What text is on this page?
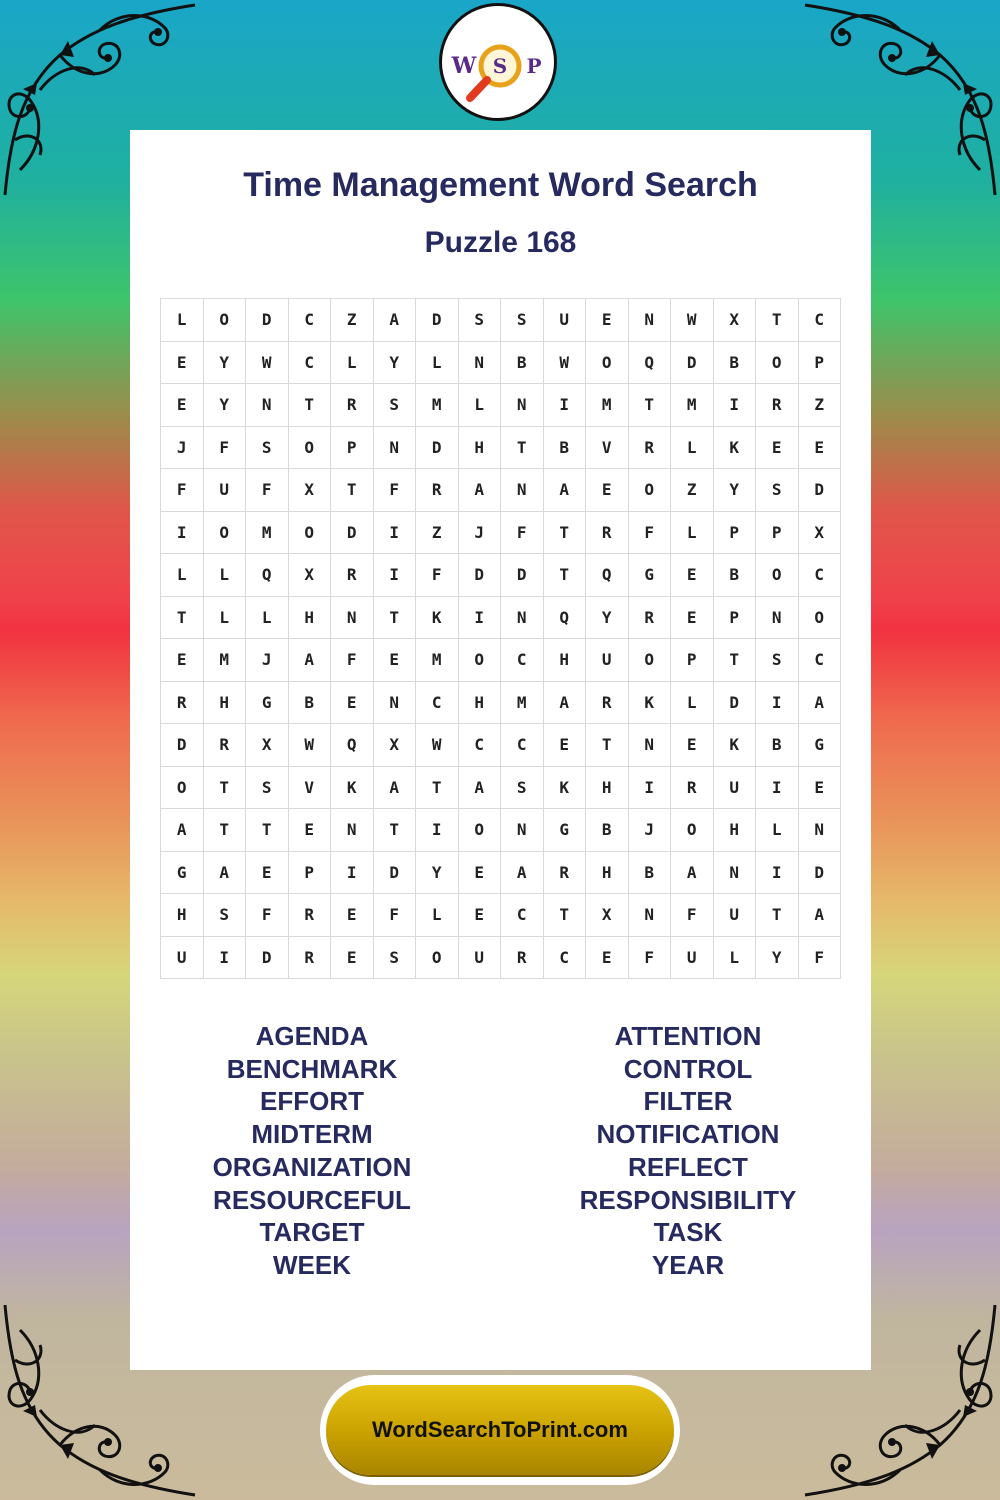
W S P
Time Management Word Search
Puzzle 168
L	O	D	C	Z	A	D	S	S	U	E	N	W	X	T	C
E	Y	W	C	L	Y	L	N	B	W	O	Q	D	B	O	P
E	Y	N	T	R	S	M	L	N	I	M	T	M	I	R	Z
J	F	S	O	P	N	D	H	T	B	V	R	L	K	E	E
F	U	F	X	T	F	R	A	N	A	E	O	Z	Y	S	D
I	O	M	O	D	I	Z	J	F	T	R	F	L	P	P	X
L	L	Q	X	R	I	F	D	D	T	Q	G	E	B	O	C
T	L	L	H	N	T	K	I	N	Q	Y	R	E	P	N	O
E	M	J	A	F	E	M	O	C	H	U	O	P	T	S	C
R	H	G	B	E	N	C	H	M	A	R	K	L	D	I	A
D	R	X	W	Q	X	W	C	C	E	T	N	E	K	B	G
O	T	S	V	K	A	T	A	S	K	H	I	R	U	I	E
A	T	T	E	N	T	I	O	N	G	B	J	O	H	L	N
G	A	E	P	I	D	Y	E	A	R	H	B	A	N	I	D
H	S	F	R	E	F	L	E	C	T	X	N	F	U	T	A
U	I	D	R	E	S	O	U	R	C	E	F	U	L	Y	F
AGENDA
BENCHMARK
EFFORT
MIDTERM
ORGANIZATION
RESOURCEFUL
TARGET
WEEK
ATTENTION
CONTROL
FILTER
NOTIFICATION
REFLECT
RESPONSIBILITY
TASK
YEAR
WordSearchToPrint.com
